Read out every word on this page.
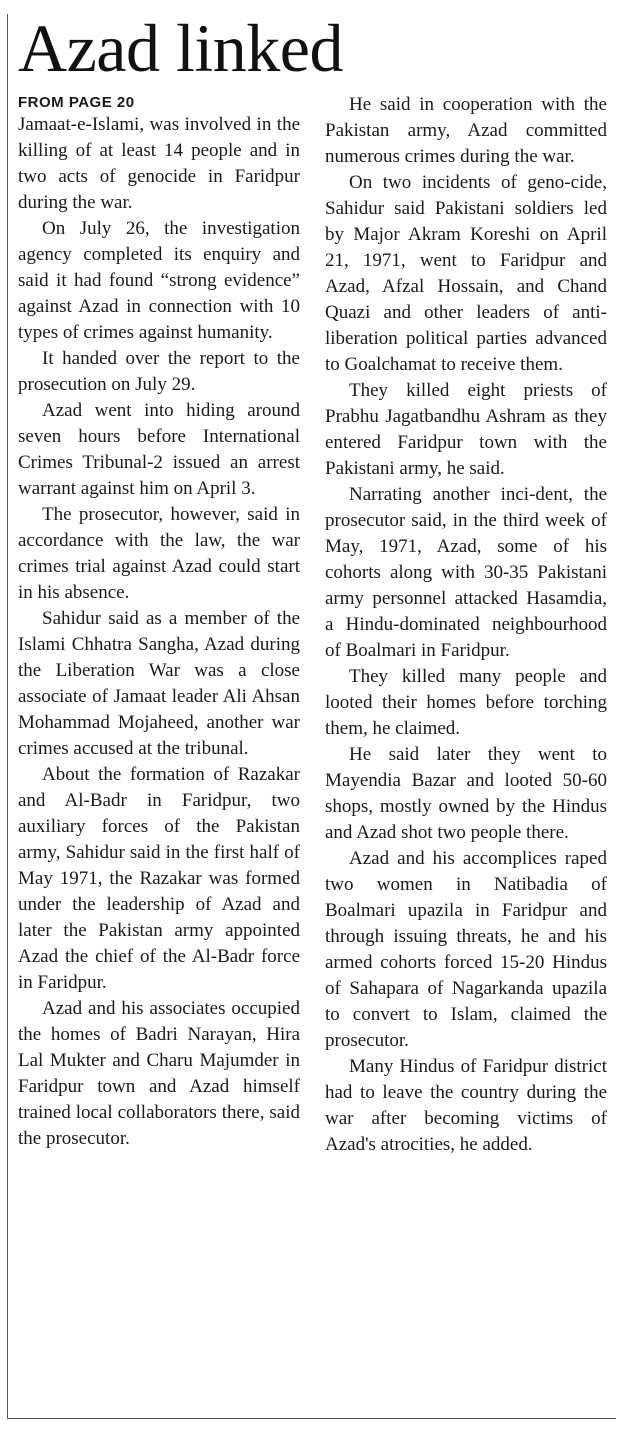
Azad linked
FROM PAGE 20

Jamaat-e-Islami, was involved in the killing of at least 14 people and in two acts of genocide in Faridpur during the war.

On July 26, the investigation agency completed its enquiry and said it had found “strong evidence” against Azad in connection with 10 types of crimes against humanity.

It handed over the report to the prosecution on July 29.

Azad went into hiding around seven hours before International Crimes Tribunal-2 issued an arrest warrant against him on April 3.

The prosecutor, however, said in accordance with the law, the war crimes trial against Azad could start in his absence.

Sahidur said as a member of the Islami Chhatra Sangha, Azad during the Liberation War was a close associate of Jamaat leader Ali Ahsan Mohammad Mojaheed, another war crimes accused at the tribunal.

About the formation of Razakar and Al-Badr in Faridpur, two auxiliary forces of the Pakistan army, Sahidur said in the first half of May 1971, the Razakar was formed under the leadership of Azad and later the Pakistan army appointed Azad the chief of the Al-Badr force in Faridpur.

Azad and his associates occupied the homes of Badri Narayan, Hira Lal Mukter and Charu Majumder in Faridpur town and Azad himself trained local collaborators there, said the prosecutor.

He said in cooperation with the Pakistan army, Azad committed numerous crimes during the war.

On two incidents of geno-cide, Sahidur said Pakistani soldiers led by Major Akram Koreshi on April 21, 1971, went to Faridpur and Azad, Afzal Hossain, and Chand Quazi and other leaders of anti-liberation political parties advanced to Goalchamat to receive them.

They killed eight priests of Prabhu Jagatbandhu Ashram as they entered Faridpur town with the Pakistani army, he said.

Narrating another inci-dent, the prosecutor said, in the third week of May, 1971, Azad, some of his cohorts along with 30-35 Pakistani army personnel attacked Hasamdia, a Hindu-dominated neighbourhood of Boalmari in Faridpur.

They killed many people and looted their homes before torching them, he claimed.

He said later they went to Mayendia Bazar and looted 50-60 shops, mostly owned by the Hindus and Azad shot two people there.

Azad and his accomplices raped two women in Natibadia of Boalmari upazila in Faridpur and through issuing threats, he and his armed cohorts forced 15-20 Hindus of Sahapara of Nagarkanda upazila to convert to Islam, claimed the prosecutor.

Many Hindus of Faridpur district had to leave the country during the war after becoming victims of Azad's atrocities, he added.
